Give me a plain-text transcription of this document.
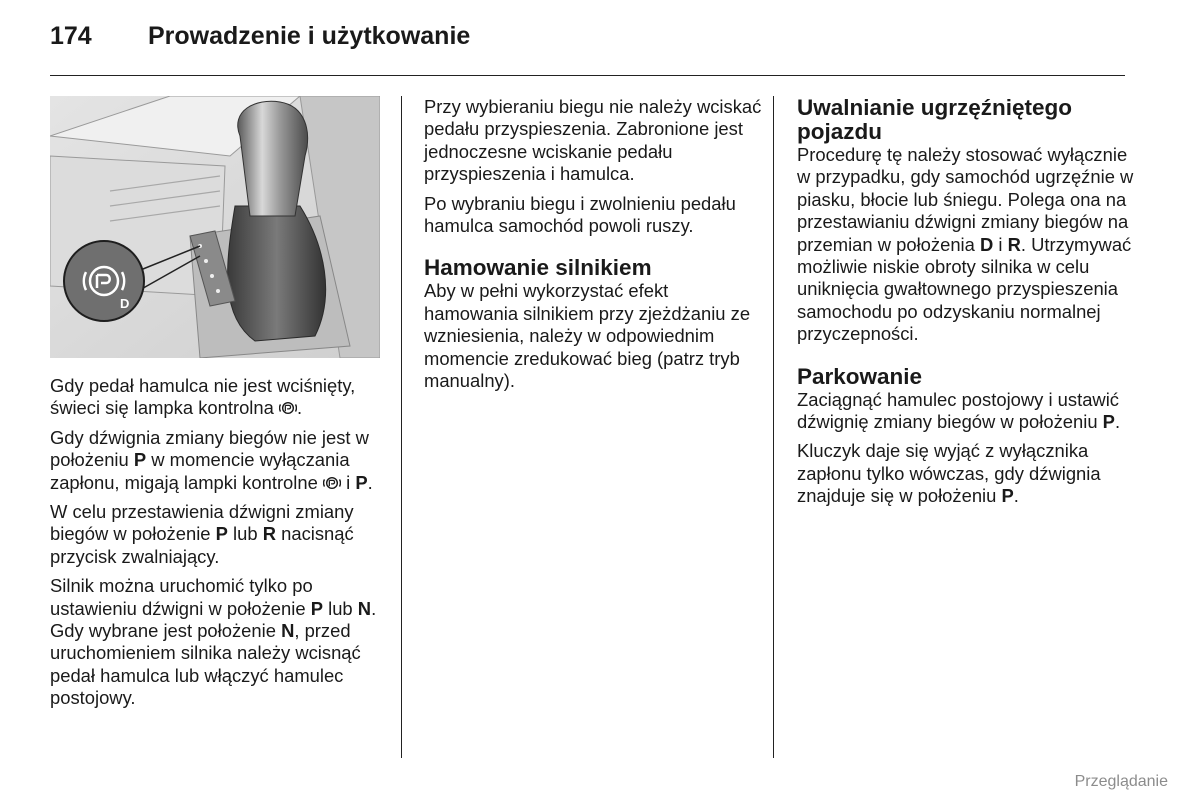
174 Prowadzenie i użytkowanie
D

Gdy pedał hamulca nie jest wciśnięty, świeci się lampka kontrolna .

Gdy dźwignia zmiany biegów nie jest w położeniu P w momencie wyłączania zapłonu, migają lampki kontrolne i P.

W celu przestawienia dźwigni zmiany biegów w położenie P lub R nacisnąć przycisk zwalniający.

Silnik można uruchomić tylko po ustawieniu dźwigni w położenie P lub N. Gdy wybrane jest położenie N, przed uruchomieniem silnika należy wcisnąć pedał hamulca lub włączyć hamulec postojowy.

Przy wybieraniu biegu nie należy wciskać pedału przyspieszenia. Zabronione jest jednoczesne wciskanie pedału przyspieszenia i hamulca.

Po wybraniu biegu i zwolnieniu pedału hamulca samochód powoli ruszy.

Hamowanie silnikiem

Aby w pełni wykorzystać efekt hamowania silnikiem przy zjeżdżaniu ze wzniesienia, należy w odpowiednim momencie zredukować bieg (patrz tryb manualny).

Uwalnianie ugrzęźniętego pojazdu

Procedurę tę należy stosować wyłącznie w przypadku, gdy samochód ugrzęźnie w piasku, błocie lub śniegu. Polega ona na przestawianiu dźwigni zmiany biegów na przemian w położenia D i R. Utrzymywać możliwie niskie obroty silnika w celu uniknięcia gwałtownego przyspieszenia samochodu po odzyskaniu normalnej przyczepności.

Parkowanie

Zaciągnąć hamulec postojowy i ustawić dźwignię zmiany biegów w położeniu P.

Kluczyk daje się wyjąć z wyłącznika zapłonu tylko wówczas, gdy dźwignia znajduje się w położeniu P.

Przeglądanie
